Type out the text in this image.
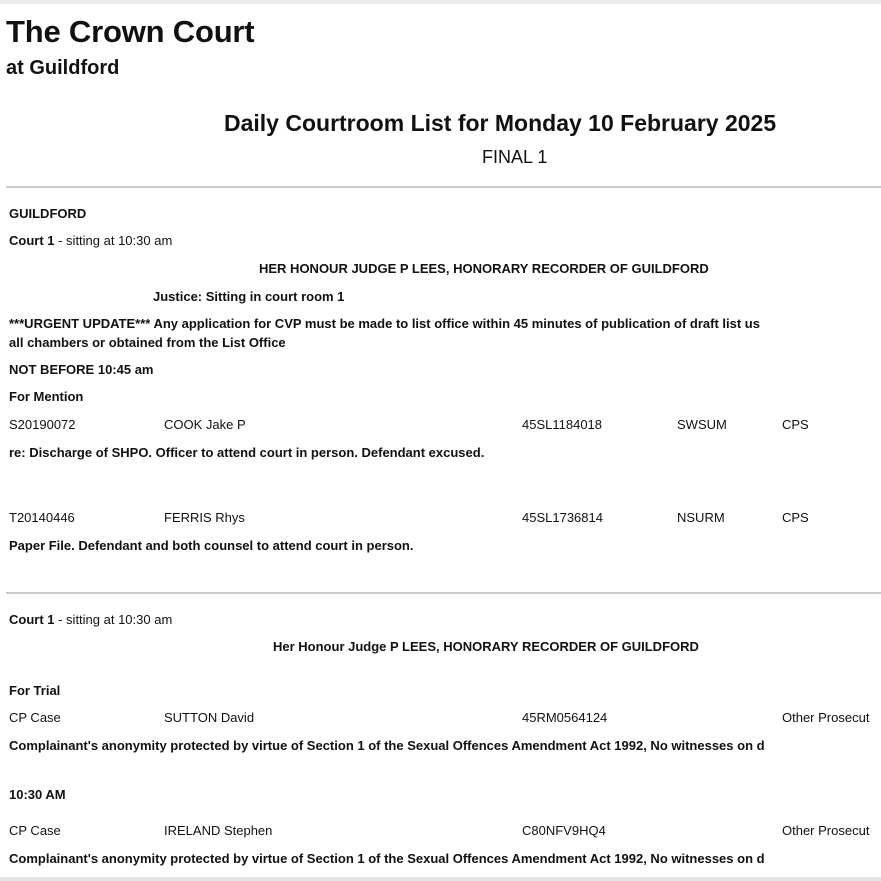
The Crown Court
at Guildford
Daily Courtroom List for Monday 10 February 2025
FINAL 1
GUILDFORD
Court 1 - sitting at 10:30 am
HER HONOUR JUDGE P LEES, HONORARY RECORDER OF GUILDFORD
Justice: Sitting in court room 1
***URGENT UPDATE*** Any application for CVP must be made to list office within 45 minutes of publication of draft list us
all chambers or obtained from the List Office
NOT BEFORE 10:45 am
For Mention
S20190072	COOK Jake P	45SL1184018	SWSUM	CPS
re: Discharge of SHPO. Officer to attend court in person. Defendant excused.
T20140446	FERRIS Rhys	45SL1736814	NSURM	CPS
Paper File. Defendant and both counsel to attend court in person.
Court 1 - sitting at 10:30 am
Her Honour Judge P LEES, HONORARY RECORDER OF GUILDFORD
For Trial
CP Case	SUTTON David	45RM0564124	Other Prosecut
Complainant's anonymity protected by virtue of Section 1 of the Sexual Offences Amendment Act 1992, No witnesses on d
10:30 AM
CP Case	IRELAND Stephen	C80NFV9HQ4	Other Prosecut
Complainant's anonymity protected by virtue of Section 1 of the Sexual Offences Amendment Act 1992, No witnesses on d
